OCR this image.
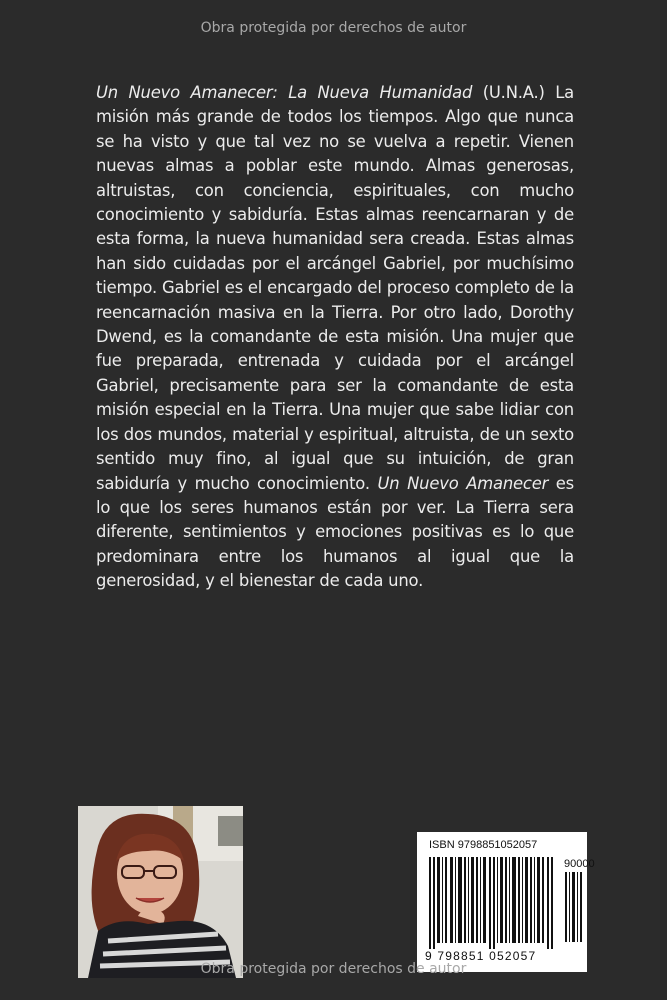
Obra protegida por derechos de autor

Un Nuevo Amanecer: La Nueva Humanidad (U.N.A.) La misión más grande de todos los tiempos. Algo que nunca se ha visto y que tal vez no se vuelva a repetir. Vienen nuevas almas a poblar este mundo. Almas generosas, altruistas, con conciencia, espirituales, con mucho conocimiento y sabiduría. Estas almas reencarnaran y de esta forma, la nueva humanidad sera creada. Estas almas han sido cuidadas por el arcángel Gabriel, por muchísimo tiempo. Gabriel es el encargado del proceso completo de la reencarnación masiva en la Tierra. Por otro lado, Dorothy Dwend, es la comandante de esta misión. Una mujer que fue preparada, entrenada y cuidada por el arcángel Gabriel, precisamente para ser la comandante de esta misión especial en la Tierra. Una mujer que sabe lidiar con los dos mundos, material y espiritual, altruista, de un sexto sentido muy fino, al igual que su intuición, de gran sabiduría y mucho conocimiento. Un Nuevo Amanecer es lo que los seres humanos están por ver. La Tierra sera diferente, sentimientos y emociones positivas es lo que predominara entre los humanos al igual que la generosidad, y el bienestar de cada uno.

ISBN 9798851052057
90000
9 798851 052057
Obra protegida por derechos de autor
